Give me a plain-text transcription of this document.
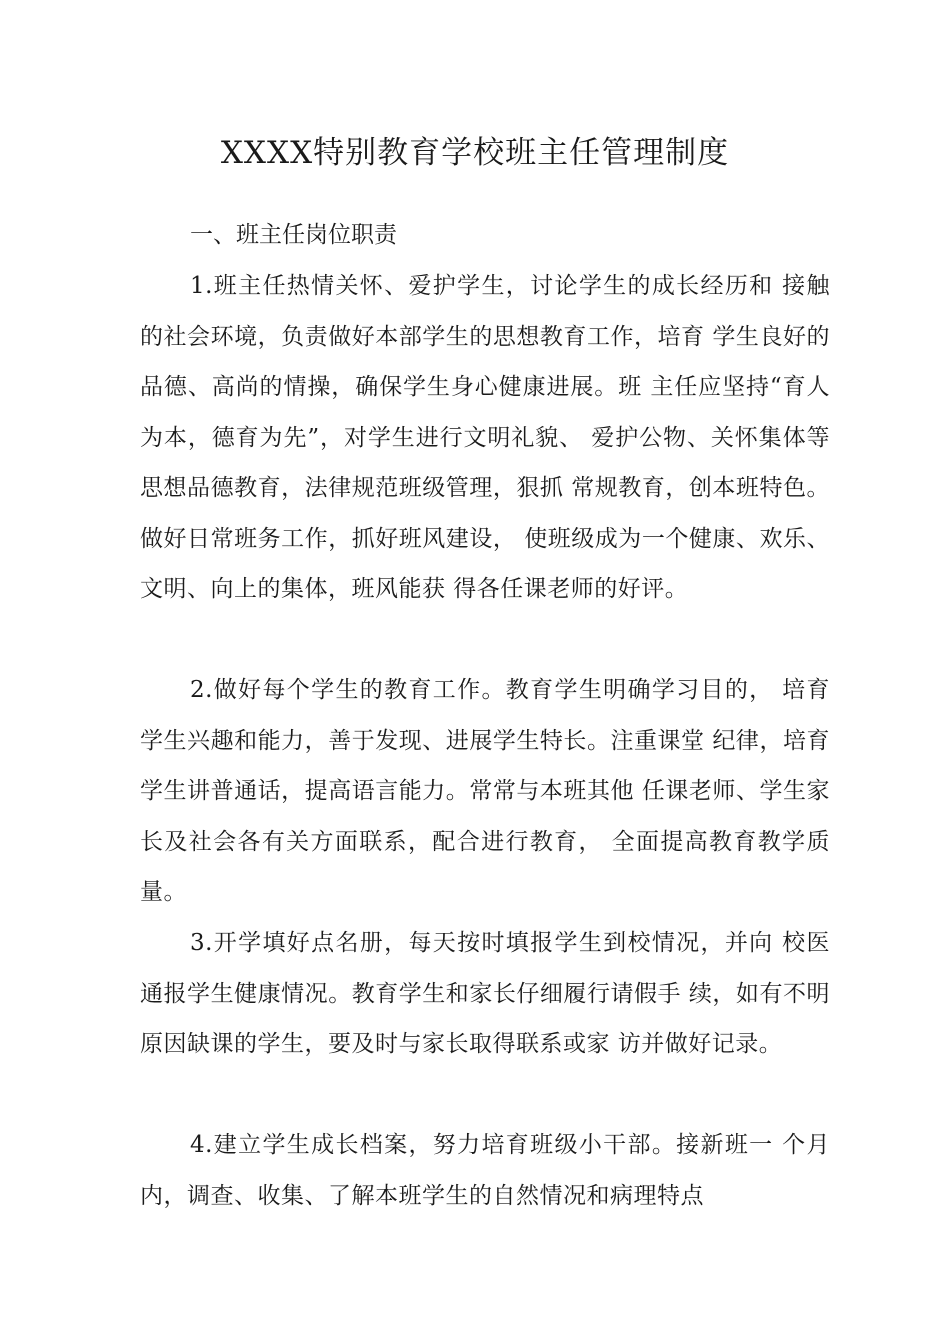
XXXX特别教育学校班主任管理制度

一、班主任岗位职责

1.班主任热情关怀、爱护学生，讨论学生的成长经历和 接触的社会环境，负责做好本部学生的思想教育工作，培育 学生良好的品德、高尚的情操，确保学生身心健康进展。班 主任应坚持“育人为本，德育为先”，对学生进行文明礼貌、 爱护公物、关怀集体等思想品德教育，法律规范班级管理，狠抓 常规教育，创本班特色。做好日常班务工作，抓好班风建设， 使班级成为一个健康、欢乐、文明、向上的集体，班风能获 得各任课老师的好评。

2.做好每个学生的教育工作。教育学生明确学习目的， 培育学生兴趣和能力，善于发现、进展学生特长。注重课堂 纪律，培育学生讲普通话，提高语言能力。常常与本班其他 任课老师、学生家长及社会各有关方面联系，配合进行教育， 全面提高教育教学质量。

3.开学填好点名册，每天按时填报学生到校情况，并向 校医通报学生健康情况。教育学生和家长仔细履行请假手 续，如有不明原因缺课的学生，要及时与家长取得联系或家 访并做好记录。

4.建立学生成长档案，努力培育班级小干部。接新班一 个月内，调查、收集、了解本班学生的自然情况和病理特点
